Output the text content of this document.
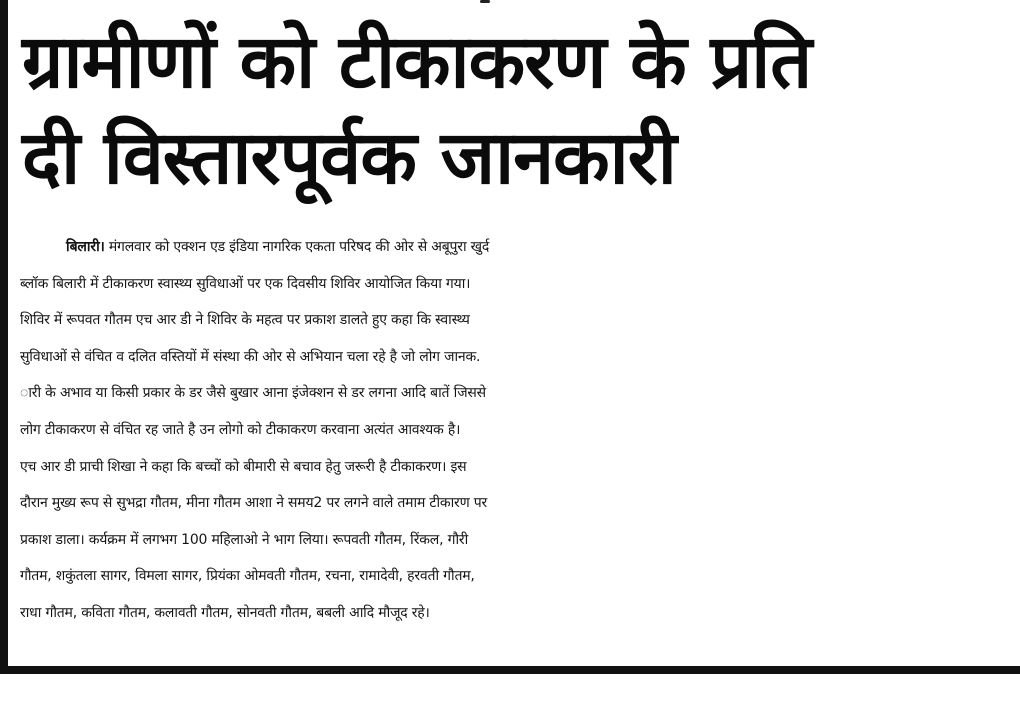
ग्रामीणों को टीकाकरण के प्रति
दी विस्तारपूर्वक जानकारी
बिलारी। मंगलवार को एक्शन एड इंडिया नागरिक एकता परिषद की ओर से अबूपुरा खुर्द
ब्लॉक बिलारी में टीकाकरण स्वास्थ्य सुविधाओं पर एक दिवसीय शिविर आयोजित किया गया।
शिविर में रूपवत गौतम एच आर डी ने शिविर के महत्व पर प्रकाश डालते हुए कहा कि स्वास्थ्य
सुविधाओं से वंचित व दलित वस्तियों में संस्था की ओर से अभियान चला रहे है जो लोग जानक.
ारी के अभाव या किसी प्रकार के डर जैसे बुखार आना इंजेक्शन से डर लगना आदि बातें जिससे
लोग टीकाकरण से वंचित रह जाते है उन लोगो को टीकाकरण करवाना अत्यंत आवश्यक है।
एच आर डी प्राची शिखा ने कहा कि बच्चों को बीमारी से बचाव हेतु जरूरी है टीकाकरण। इस
दौरान मुख्य रूप से सुभद्रा गौतम, मीना गौतम आशा ने समय2 पर लगने वाले तमाम टीकारण पर
प्रकाश डाला। कर्यक्रम में लगभग 100 महिलाओ ने भाग लिया। रूपवती गौतम, रिंकल, गौरी
गौतम, शकुंतला सागर, विमला सागर, प्रियंका ओमवती गौतम, रचना, रामादेवी, हरवती गौतम,
राधा गौतम, कविता गौतम, कलावती गौतम, सोनवती गौतम, बबली आदि मौजूद रहे।
